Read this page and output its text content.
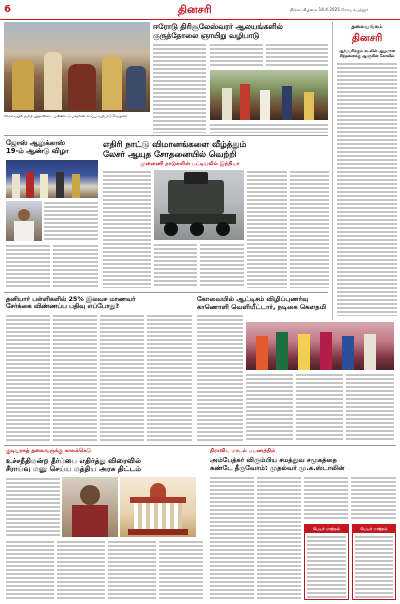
6	தினசரி	திங்கட்கிழமை 14.4.2025 கோயம்புத்தூர்
கோவையில் தமிழ் புத்தாண்டை முன்னிட்டு பக்தர்கள் சிறப்பு வழிபாடு செய்தனர்
ஈரோடு திரிசூலேஸ்வரர் ஆலயங்களில்
குருத்தோலை ஞாயிறு வழிபாடு
தலையங்கம்
தினசரி
ஆர்ப்பரிக்கும் கடலின் ஆழமான
சிந்தனைக்கு ஆளுகின் கோவில்
ஜோஸ் ஆலுக்காஸ்
19-ம் ஆண்டு விழா
எதிரி நாட்டு விமானங்களை வீழ்த்தும்
லேசர் ஆயுத சோதனையில் வெற்றி
முன்னணி நாடுகளின் பட்டியலில் இந்தியா
தனியார் பள்ளிகளில் 25% இலவச மாணவர்
சேர்க்கை விண்ணப்ப பதிவு எப்போது?
கோவையில் ஆட்டிசம் விழிப்புணர்வு
காணொளி வெளியீட்டார், நடிகை கௌதமி
குடியரசுத் தலைவருக்கு காலக்கெடு
உச்சநீதிமன்ற தீர்ப்பை எதிர்த்து விரைவில்
சீராய்வு மனு செய்ய மத்திய அரசு திட்டம்
திராவிட மாடல் பயணத்தில்
அம்பேத்கர் விரும்பிய சமத்துவ சமூகத்தை
கண்டே தீருவோம்: முதல்வர் மு.க.ஸ்டாலின்
பெயர் மாற்றம்	பெயர் மாற்றம்
